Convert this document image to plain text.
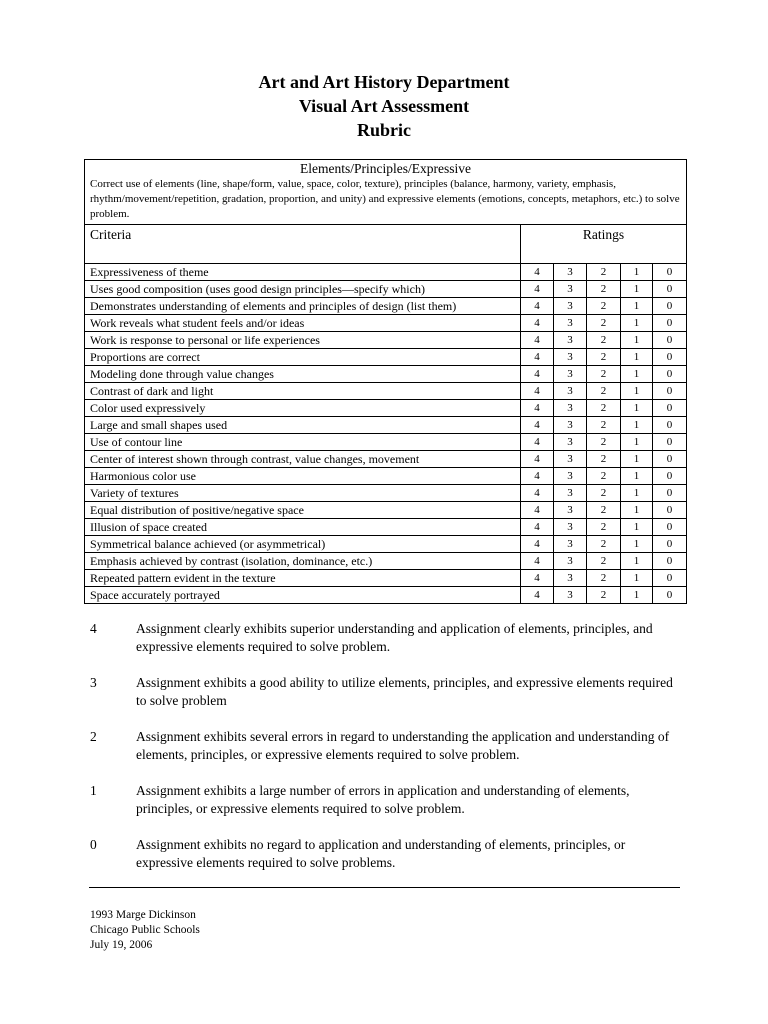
Art and Art History Department
Visual Art Assessment
Rubric
Elements/Principles/Expressive
Correct use of elements (line, shape/form, value, space, color, texture), principles (balance, harmony, variety, emphasis, rhythm/movement/repetition, gradation, proportion, and unity) and expressive elements (emotions, concepts, metaphors, etc.) to solve problem.					

Criteria	Ratings				
Expressiveness of theme	4	3	2	1	0
Uses good composition (uses good design principles—specify which)	4	3	2	1	0
Demonstrates understanding of elements and principles of design (list them)	4	3	2	1	0
Work reveals what student feels and/or ideas	4	3	2	1	0
Work is response to personal or life experiences	4	3	2	1	0
Proportions are correct	4	3	2	1	0
Modeling done through value changes	4	3	2	1	0
Contrast of dark and light	4	3	2	1	0
Color used expressively	4	3	2	1	0
Large and small shapes used	4	3	2	1	0
Use of contour line	4	3	2	1	0
Center of interest shown through contrast, value changes, movement	4	3	2	1	0
Harmonious color use	4	3	2	1	0
Variety of textures	4	3	2	1	0
Equal distribution of positive/negative space	4	3	2	1	0
Illusion of space created	4	3	2	1	0
Symmetrical balance achieved (or asymmetrical)	4	3	2	1	0
Emphasis achieved by contrast (isolation, dominance, etc.)	4	3	2	1	0
Repeated pattern evident in the texture	4	3	2	1	0
Space accurately portrayed	4	3	2	1	0
4	Assignment clearly exhibits superior understanding and application of elements, principles, and expressive elements required to solve problem.
3	Assignment exhibits a good ability to utilize elements, principles, and expressive elements required to solve problem
2	Assignment exhibits several errors in regard to understanding the application and understanding of elements, principles, or expressive elements required to solve problem.
1	Assignment exhibits a large number of errors in application and understanding of elements, principles, or expressive elements required to solve problem.
0	Assignment exhibits no regard to application and understanding of elements, principles, or expressive elements required to solve problems.
1993 Marge Dickinson
Chicago Public Schools
July 19, 2006
